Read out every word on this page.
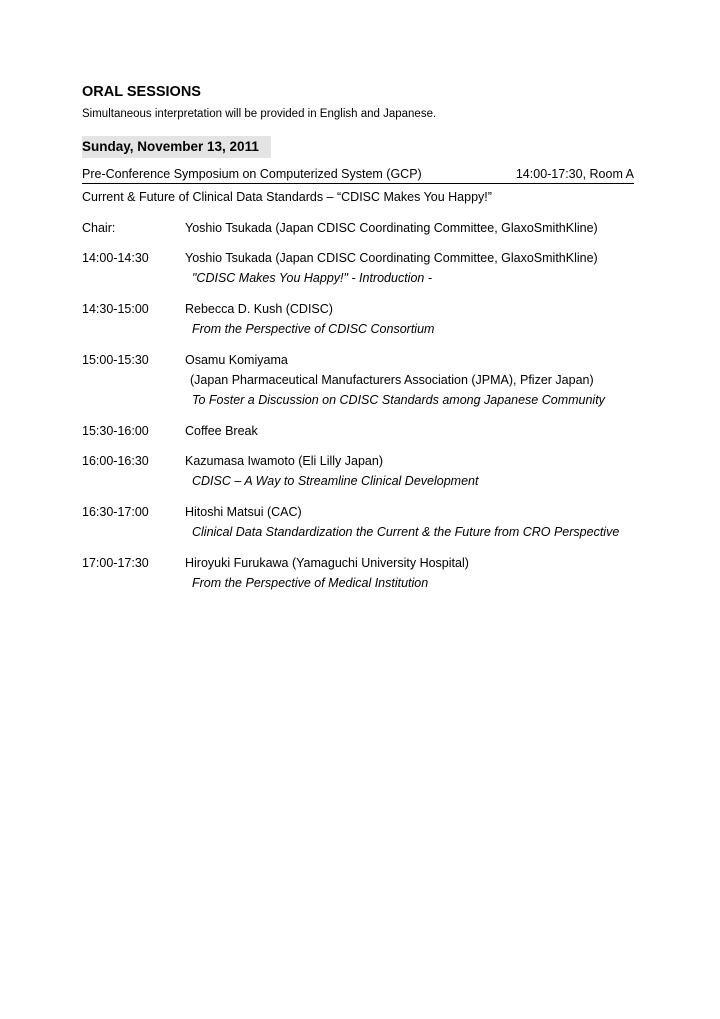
ORAL SESSIONS
Simultaneous interpretation will be provided in English and Japanese.
Sunday, November 13, 2011
Pre-Conference Symposium on Computerized System (GCP)	14:00-17:30, Room A
Current & Future of Clinical Data Standards – “CDISC Makes You Happy!”
Chair:	Yoshio Tsukada (Japan CDISC Coordinating Committee, GlaxoSmithKline)
14:00-14:30	Yoshio Tsukada (Japan CDISC Coordinating Committee, GlaxoSmithKline)
"CDISC Makes You Happy!" - Introduction -
14:30-15:00	Rebecca D. Kush (CDISC)
From the Perspective of CDISC Consortium
15:00-15:30	Osamu Komiyama
(Japan Pharmaceutical Manufacturers Association (JPMA), Pfizer Japan)
To Foster a Discussion on CDISC Standards among Japanese Community
15:30-16:00	Coffee Break
16:00-16:30	Kazumasa Iwamoto (Eli Lilly Japan)
CDISC – A Way to Streamline Clinical Development
16:30-17:00	Hitoshi Matsui (CAC)
Clinical Data Standardization the Current & the Future from CRO Perspective
17:00-17:30	Hiroyuki Furukawa (Yamaguchi University Hospital)
From the Perspective of Medical Institution
